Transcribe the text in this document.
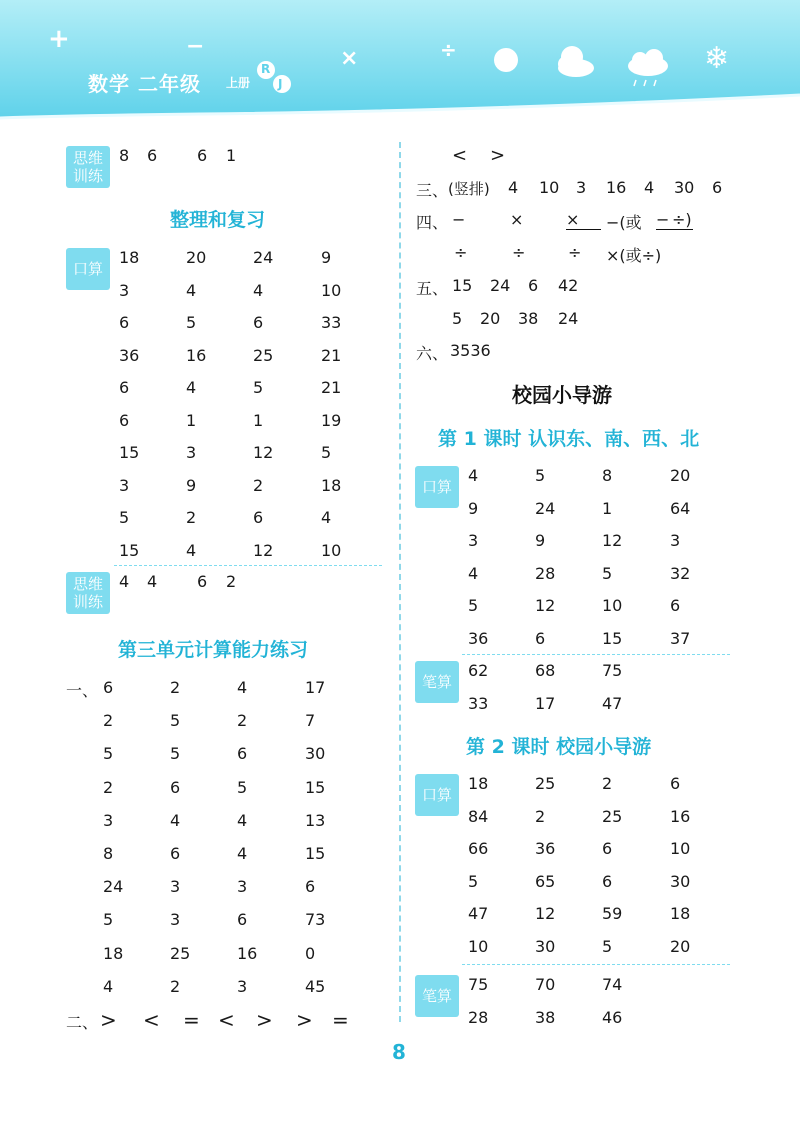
+	−	×	÷	❄
数学 二年级 上册
R
J
思维
训练
8 6 6 1
整理和复习
口算
18	20	24	9
3	4	4	10
6	5	6	33
36	16	25	21
6	4	5	21
6	1	1	19
15	3	12	5
3	9	2	18
5	2	6	4
15	4	12	10
思维
训练
4 4 6 2
第三单元计算能力练习
一、 6	2	4	17
2	5	2	7
5	5	6	30
2	6	5	15
3	4	4	13
8	6	4	15
24	3	3	6
5	3	6	73
18	25	16	0
4	2	3	45
二、 > < = < > > =
< >
三、 (竖排) 4 10 3 16 4 30 6
四、 −	×	×	−(或 − ÷)
÷	÷	÷ ×(或÷)
五、 15 24 6 42
5 20 38 24
六、 3536
校园小导游
第 1 课时 认识东、南、西、北
口算
4	5	8	20
9	24	1	64
3	9	12	3
4	28	5	32
5	12	10	6
36	6	15	37
笔算
62	68	75
33	17	47
第 2 课时 校园小导游
口算
18	25	2	6
84	2	25	16
66	36	6	10
5	65	6	30
47	12	59	18
10	30	5	20
笔算
75	70	74
28	38	46
8
